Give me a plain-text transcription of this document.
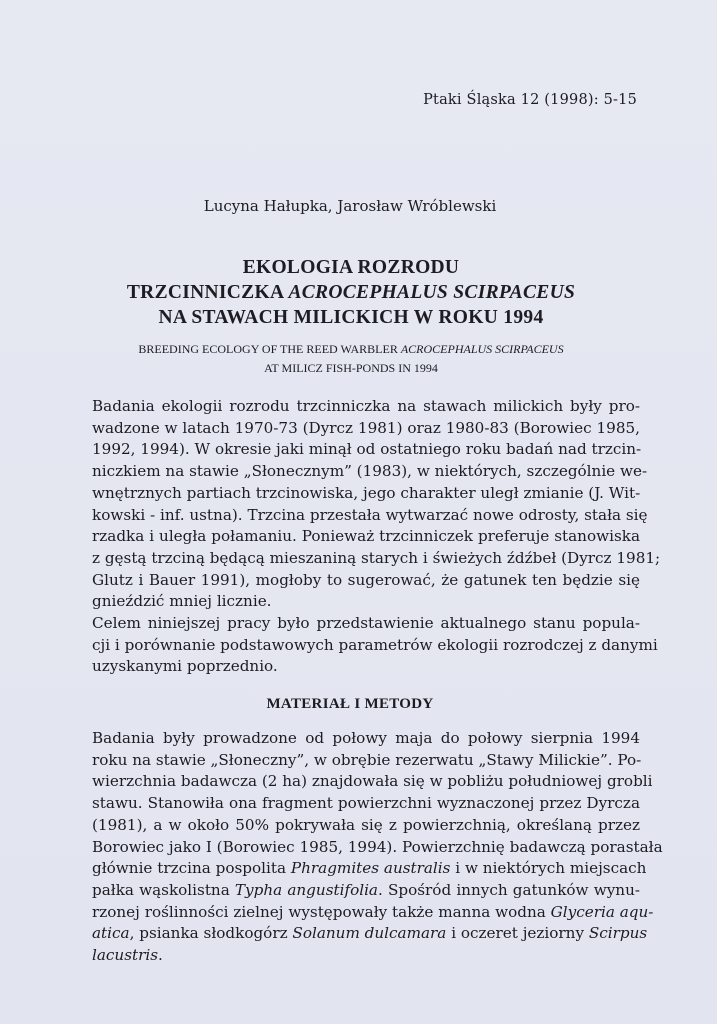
Ptaki Śląska 12 (1998): 5-15
Lucyna Hałupka, Jarosław Wróblewski
EKOLOGIA ROZRODU
TRZCINNICZKA ACROCEPHALUS SCIRPACEUS
NA STAWACH MILICKICH W ROKU 1994
BREEDING ECOLOGY OF THE REED WARBLER ACROCEPHALUS SCIRPACEUS
AT MILICZ FISH-PONDS IN 1994
Badania ekologii rozrodu trzcinniczka na stawach milickich były pro-
wadzone w latach 1970-73 (Dyrcz 1981) oraz 1980-83 (Borowiec 1985,
1992, 1994). W okresie jaki minął od ostatniego roku badań nad trzcin-
niczkiem na stawie „Słonecznym” (1983), w niektórych, szczególnie we-
wnętrznych partiach trzcinowiska, jego charakter uległ zmianie (J. Wit-
kowski - inf. ustna). Trzcina przestała wytwarzać nowe odrosty, stała się
rzadka i uległa połamaniu. Ponieważ trzcinniczek preferuje stanowiska
z gęstą trzciną będącą mieszaniną starych i świeżych źdźbeł (Dyrcz 1981;
Glutz i Bauer 1991), mogłoby to sugerować, że gatunek ten będzie się
gnieździć mniej licznie.
Celem niniejszej pracy było przedstawienie aktualnego stanu popula-
cji i porównanie podstawowych parametrów ekologii rozrodczej z danymi
uzyskanymi poprzednio.
MATERIAŁ I METODY
Badania były prowadzone od połowy maja do połowy sierpnia 1994
roku na stawie „Słoneczny”, w obrębie rezerwatu „Stawy Milickie”. Po-
wierzchnia badawcza (2 ha) znajdowała się w pobliżu południowej grobli
stawu. Stanowiła ona fragment powierzchni wyznaczonej przez Dyrcza
(1981), a w około 50% pokrywała się z powierzchnią, określaną przez
Borowiec jako I (Borowiec 1985, 1994). Powierzchnię badawczą porastała
głównie trzcina pospolita Phragmites australis i w niektórych miejscach
pałka wąskolistna Typha angustifolia. Spośród innych gatunków wynu-
rzonej roślinności zielnej występowały także manna wodna Glyceria aqu-
atica, psianka słodkogórz Solanum dulcamara i oczeret jeziorny Scirpus
lacustris.
